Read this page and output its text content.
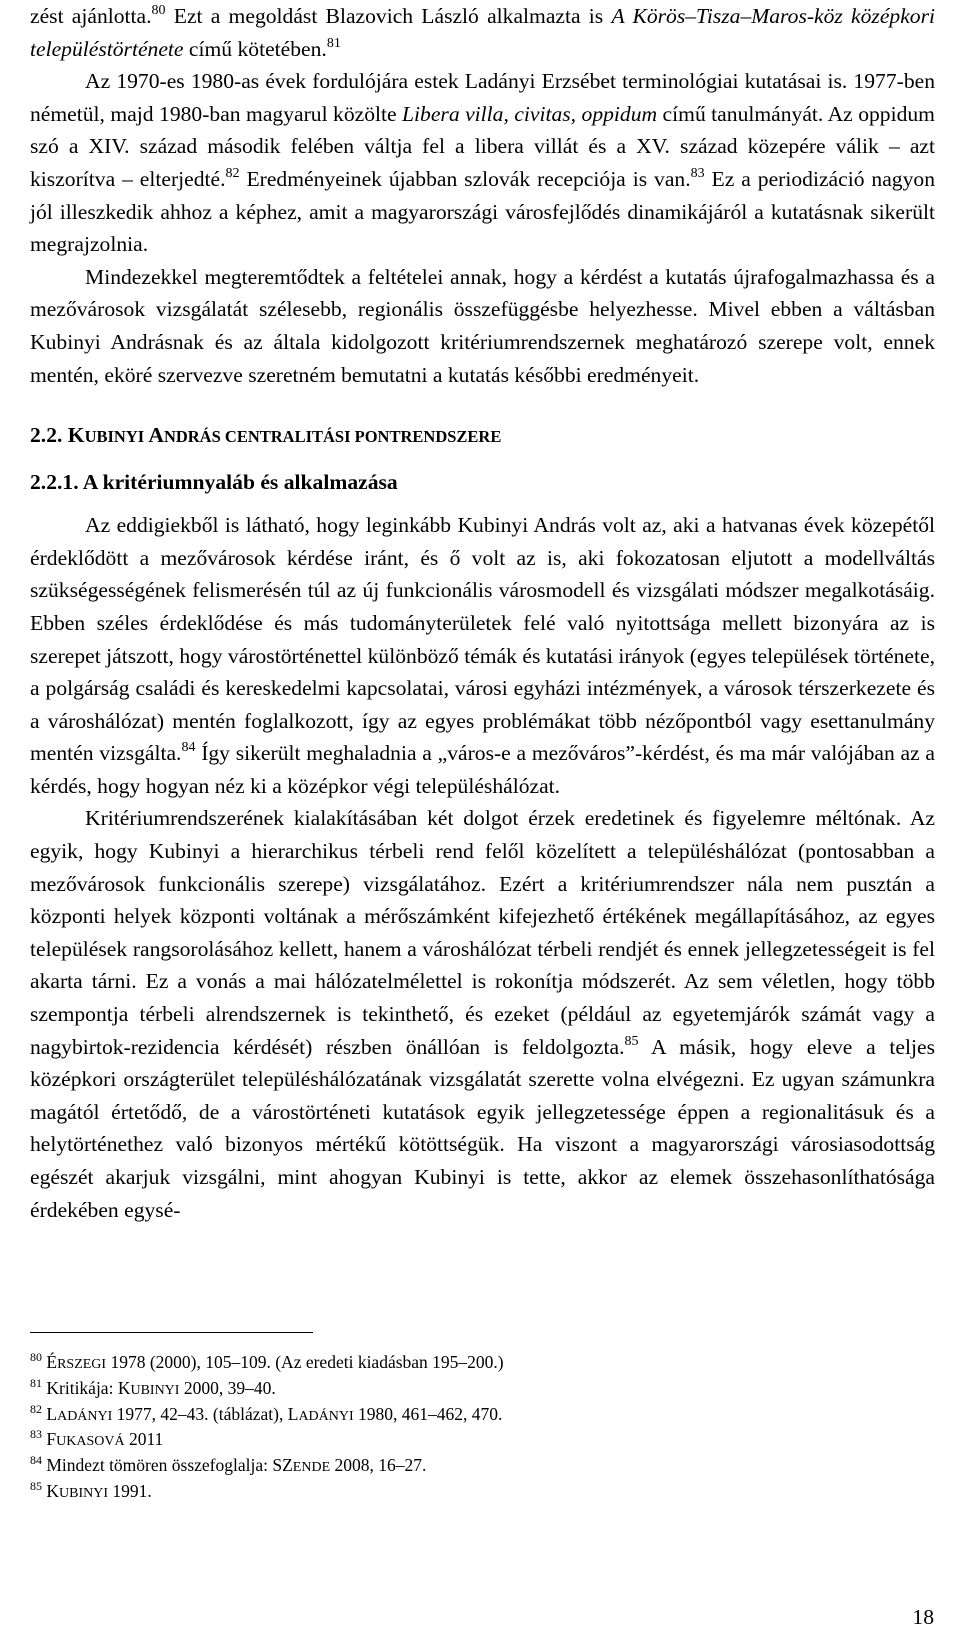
zést ajánlotta.$^{80}$ Ezt a megoldást Blazovich László alkalmazta is A Körös–Tisza–Maros-köz középkori településtörténete című kötetében.$^{81}$

Az 1970-es 1980-as évek fordulójára estek Ladányi Erzsébet terminológiai kutatásai is. 1977-ben németül, majd 1980-ban magyarul közölte Libera villa, civitas, oppidum című tanulmányát. Az oppidum szó a XIV. század második felében váltja fel a libera villát és a XV. század közepére válik – azt kiszorítva – elterjedté.$^{82}$ Eredményeinek újabban szlovák recepciója is van.$^{83}$ Ez a periodizáció nagyon jól illeszkedik ahhoz a képhez, amit a magyarországi városfejlődés dinamikájáról a kutatásnak sikerült megrajzolnia.

Mindezekkel megteremtődtek a feltételei annak, hogy a kérdést a kutatás újrafogalmazhassa és a mezővárosok vizsgálatát szélesebb, regionális összefüggésbe helyezhesse. Mivel ebben a váltásban Kubinyi Andrásnak és az általa kidolgozott kritériumrendszernek meghatározó szerepe volt, ennek mentén, eköré szervezve szeretném bemutatni a kutatás későbbi eredményeit.

2.2. KUBINYI ANDRÁS CENTRALITÁSI PONTRENDSZERE
2.2.1. A kritériumnyaláb és alkalmazása

Az eddigiekből is látható, hogy leginkább Kubinyi András volt az, aki a hatvanas évek közepétől érdeklődött a mezővárosok kérdése iránt, és ő volt az is, aki fokozatosan eljutott a modellváltás szükségességének felismerésén túl az új funkcionális városmodell és vizsgálati módszer megalkotásáig. Ebben széles érdeklődése és más tudományterületek felé való nyitottsága mellett bizonyára az is szerepet játszott, hogy várostörténettel különböző témák és kutatási irányok (egyes települések története, a polgárság családi és kereskedelmi kapcsolatai, városi egyházi intézmények, a városok térszerkezete és a városhálózat) mentén foglalkozott, így az egyes problémákat több nézőpontból vagy esettanulmány mentén vizsgálta.$^{84}$ Így sikerült meghaladnia a „város-e a mezőváros”-kérdést, és ma már valójában az a kérdés, hogy hogyan néz ki a középkor végi településhálózat.

Kritériumrendszerének kialakításában két dolgot érzek eredetinek és figyelemre méltónak. Az egyik, hogy Kubinyi a hierarchikus térbeli rend felől közelített a településhálózat (pontosabban a mezővárosok funkcionális szerepe) vizsgálatához. Ezért a kritériumrendszer nála nem pusztán a központi helyek központi voltának a mérőszámként kifejezhető értékének megállapításához, az egyes települések rangsorolásához kellett, hanem a városhálózat térbeli rendjét és ennek jellegzetességeit is fel akarta tárni. Ez a vonás a mai hálózatelmélettel is rokonítja módszerét. Az sem véletlen, hogy több szempontja térbeli alrendszernek is tekinthető, és ezeket (például az egyetemjárók számát vagy a nagybirtok-rezidencia kérdését) részben önállóan is feldolgozta.$^{85}$ A másik, hogy eleve a teljes középkori országterület településhálózatának vizsgálatát szerette volna elvégezni. Ez ugyan számunkra magától értetődő, de a várostörténeti kutatások egyik jellegzetessége éppen a regionalitásuk és a helytörténethez való bizonyos mértékű kötöttségük. Ha viszont a magyarországi városiasodottság egészét akarjuk vizsgálni, mint ahogyan Kubinyi is tette, akkor az elemek összehasonlíthatósága érdekében egysé-

$^{80}$ ÉRSZEGI 1978 (2000), 105–109. (Az eredeti kiadásban 195–200.)

$^{81}$ Kritikája: KUBINYI 2000, 39–40.

$^{82}$ LADÁNYI 1977, 42–43. (táblázat), LADÁNYI 1980, 461–462, 470.

$^{83}$ FUKASOVÁ 2011

$^{84}$ Mindezt tömören összefoglalja: SZENDE 2008, 16–27.

$^{85}$ KUBINYI 1991.

18
